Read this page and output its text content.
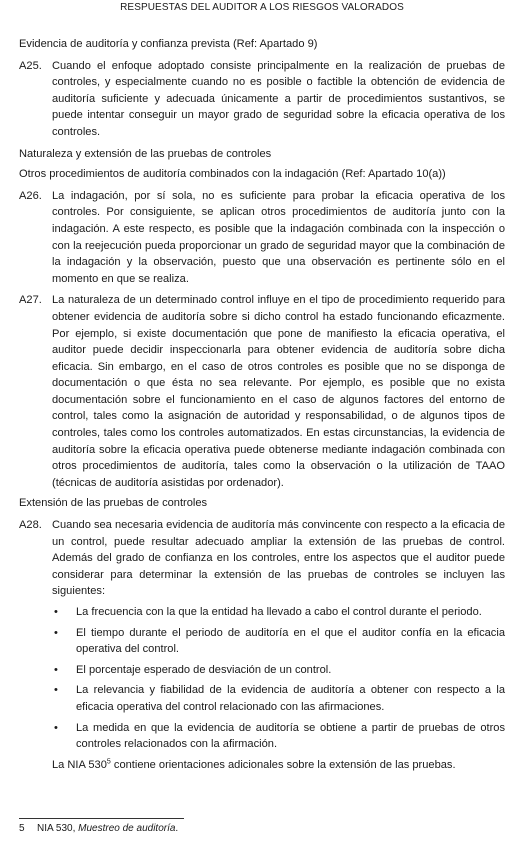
RESPUESTAS DEL AUDITOR A LOS RIESGOS VALORADOS

Evidencia de auditoría y confianza prevista (Ref: Apartado 9)

A25. Cuando el enfoque adoptado consiste principalmente en la realización de pruebas de controles, y especialmente cuando no es posible o factible la obtención de evidencia de auditoría suficiente y adecuada únicamente a partir de procedimientos sustantivos, se puede intentar conseguir un mayor grado de seguridad sobre la eficacia operativa de los controles.

Naturaleza y extensión de las pruebas de controles

Otros procedimientos de auditoría combinados con la indagación (Ref: Apartado 10(a))

A26. La indagación, por sí sola, no es suficiente para probar la eficacia operativa de los controles. Por consiguiente, se aplican otros procedimientos de auditoría junto con la indagación. A este respecto, es posible que la indagación combinada con la inspección o con la reejecución pueda proporcionar un grado de seguridad mayor que la combinación de la indagación y la observación, puesto que una observación es pertinente sólo en el momento en que se realiza.
A27. La naturaleza de un determinado control influye en el tipo de procedimiento requerido para obtener evidencia de auditoría sobre si dicho control ha estado funcionando eficazmente. Por ejemplo, si existe documentación que pone de manifiesto la eficacia operativa, el auditor puede decidir inspeccionarla para obtener evidencia de auditoría sobre dicha eficacia. Sin embargo, en el caso de otros controles es posible que no se disponga de documentación o que ésta no sea relevante. Por ejemplo, es posible que no exista documentación sobre el funcionamiento en el caso de algunos factores del entorno de control, tales como la asignación de autoridad y responsabilidad, o de algunos tipos de controles, tales como los controles automatizados. En estas circunstancias, la evidencia de auditoría sobre la eficacia operativa puede obtenerse mediante indagación combinada con otros procedimientos de auditoría, tales como la observación o la utilización de TAAO (técnicas de auditoría asistidas por ordenador).

Extensión de las pruebas de controles

A28. Cuando sea necesaria evidencia de auditoría más convincente con respecto a la eficacia de un control, puede resultar adecuado ampliar la extensión de las pruebas de control. Además del grado de confianza en los controles, entre los aspectos que el auditor puede considerar para determinar la extensión de las pruebas de controles se incluyen las siguientes:
•	La frecuencia con la que la entidad ha llevado a cabo el control durante el periodo.
•	El tiempo durante el periodo de auditoría en el que el auditor confía en la eficacia operativa del control.
•	El porcentaje esperado de desviación de un control.
•	La relevancia y fiabilidad de la evidencia de auditoría a obtener con respecto a la eficacia operativa del control relacionado con las afirmaciones.
•	La medida en que la evidencia de auditoría se obtiene a partir de pruebas de otros controles relacionados con la afirmación.
La NIA $530^5$ contiene orientaciones adicionales sobre la extensión de las pruebas.
5	NIA 530, Muestreo de auditoría.
